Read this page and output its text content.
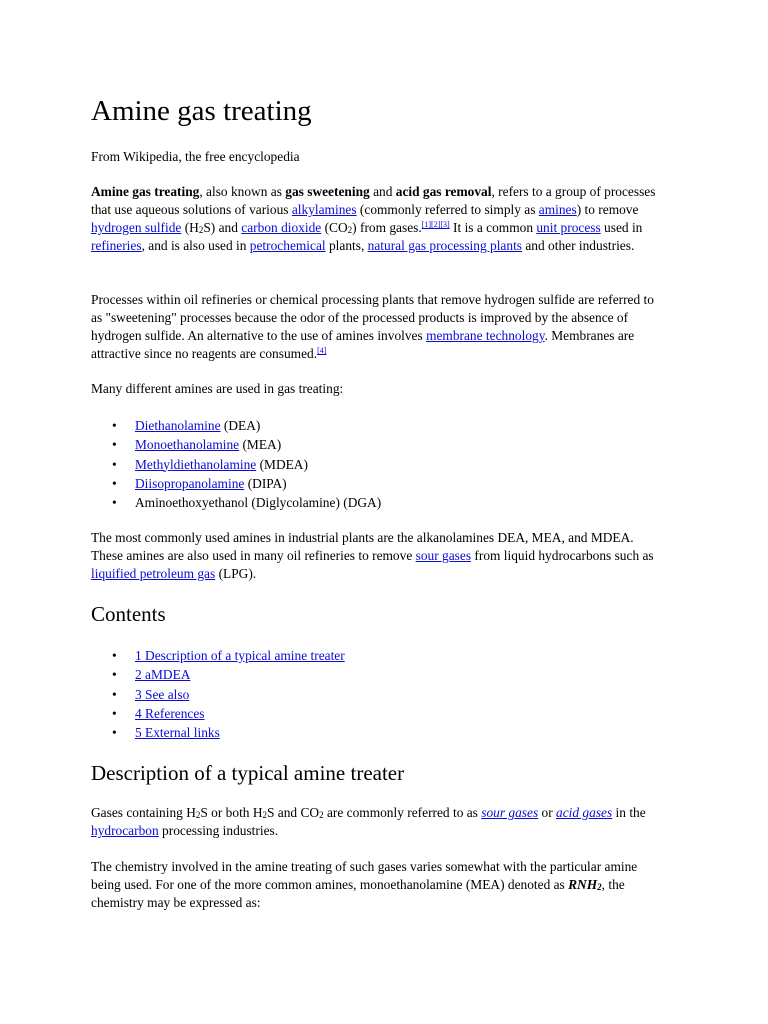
Amine gas treating

From Wikipedia, the free encyclopedia

Amine gas treating, also known as gas sweetening and acid gas removal, refers to a group of processes that use aqueous solutions of various alkylamines (commonly referred to simply as amines) to remove hydrogen sulfide $(H_2S)$ and carbon dioxide $(CO_2)$ from gases.[1][2][3] It is a common unit process used in refineries, and is also used in petrochemical plants, natural gas processing plants and other industries.

Processes within oil refineries or chemical processing plants that remove hydrogen sulfide are referred to as "sweetening" processes because the odor of the processed products is improved by the absence of hydrogen sulfide. An alternative to the use of amines involves membrane technology. Membranes are attractive since no reagents are consumed.[4]

Many different amines are used in gas treating:

• Diethanolamine (DEA)
• Monoethanolamine (MEA)
• Methyldiethanolamine (MDEA)
• Diisopropanolamine (DIPA)
• Aminoethoxyethanol (Diglycolamine) (DGA)

The most commonly used amines in industrial plants are the alkanolamines DEA, MEA, and MDEA. These amines are also used in many oil refineries to remove sour gases from liquid hydrocarbons such as liquified petroleum gas (LPG).

Contents
• 1 Description of a typical amine treater
• 2 aMDEA
• 3 See also
• 4 References
• 5 External links
Description of a typical amine treater

Gases containing $H_2S$ or both $H_2S$ and $CO_2$ are commonly referred to as sour gases or acid gases in the hydrocarbon processing industries.

The chemistry involved in the amine treating of such gases varies somewhat with the particular amine being used. For one of the more common amines, monoethanolamine (MEA) denoted as $RNH_2$, the chemistry may be expressed as:
